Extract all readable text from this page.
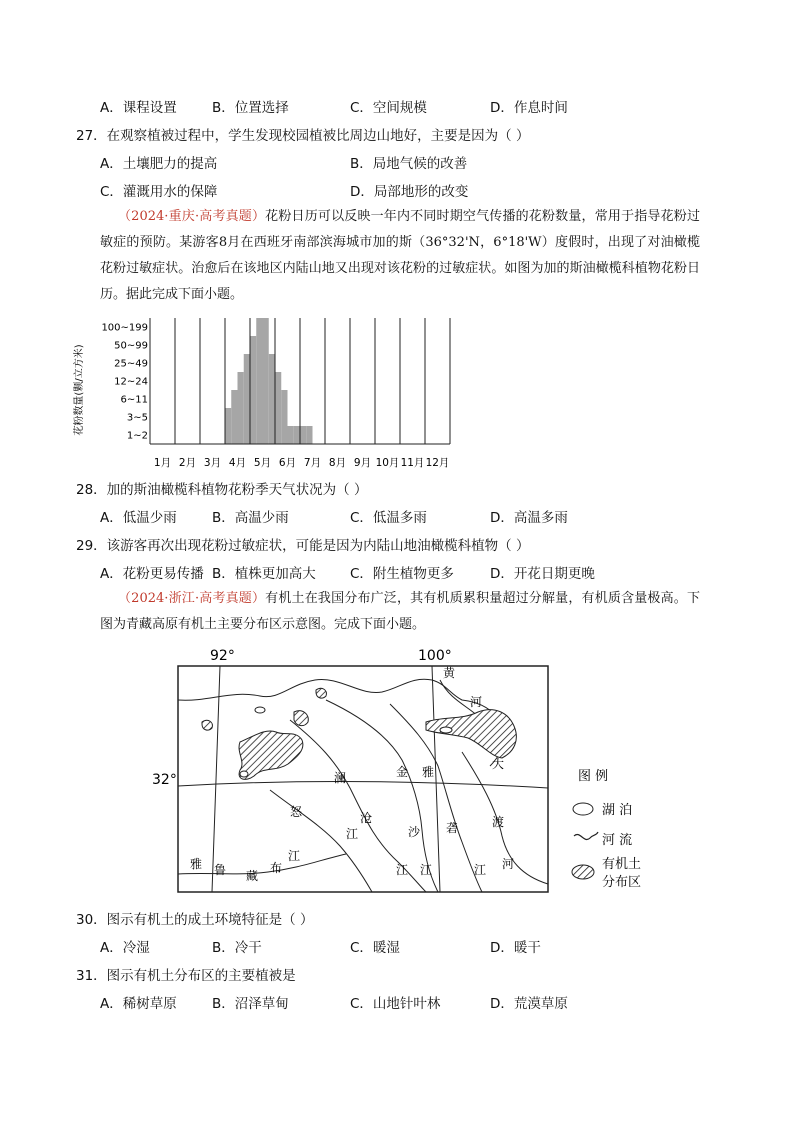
A．课程设置	B．位置选择	C．空间规模	D．作息时间
27．在观察植被过程中，学生发现校园植被比周边山地好，主要是因为（ ）
A．土壤肥力的提高	B．局地气候的改善
C．灌溉用水的保障	D．局部地形的改变
（2024·重庆·高考真题）花粉日历可以反映一年内不同时期空气传播的花粉数量，常用于指导花粉过敏症的预防。某游客8月在西班牙南部滨海城市加的斯（36°32'N，6°18'W）度假时，出现了对油橄榄花粉过敏症状。治愈后在该地区内陆山地又出现对该花粉的过敏症状。如图为加的斯油橄榄科植物花粉日历。据此完成下面小题。
1~2
3~5
6~11
12~24
25~49
50~99
100~199
1月 2月 3月 4月 5月 6月 7月 8月 9月 10月 11月 12月
花粉数量(颗/立方米)
28．加的斯油橄榄科植物花粉季天气状况为（ ）
A．低温少雨	B．高温少雨	C．低温多雨	D．高温多雨
29．该游客再次出现花粉过敏症状，可能是因为内陆山地油橄榄科植物（ ）
A．花粉更易传播 B．植株更加高大	C．附生植物更多	D．开花日期更晚
（2024·浙江·高考真题）有机土在我国分布广泛，其有机质累积量超过分解量，有机质含量极高。下图为青藏高原有机土主要分布区示意图。完成下面小题。
92°	100°
32°
黄
河
澜
沧
江
金
沙
江
雅
砻
江
大
渡
河
怒
江
雅 鲁 藏
布
江
图 例
湖 泊
河 流
有机土
分布区
30．图示有机土的成土环境特征是（ ）
A．冷湿	B．冷干	C．暖湿	D．暖干
31．图示有机土分布区的主要植被是
A．稀树草原	B．沼泽草甸	C．山地针叶林	D．荒漠草原
